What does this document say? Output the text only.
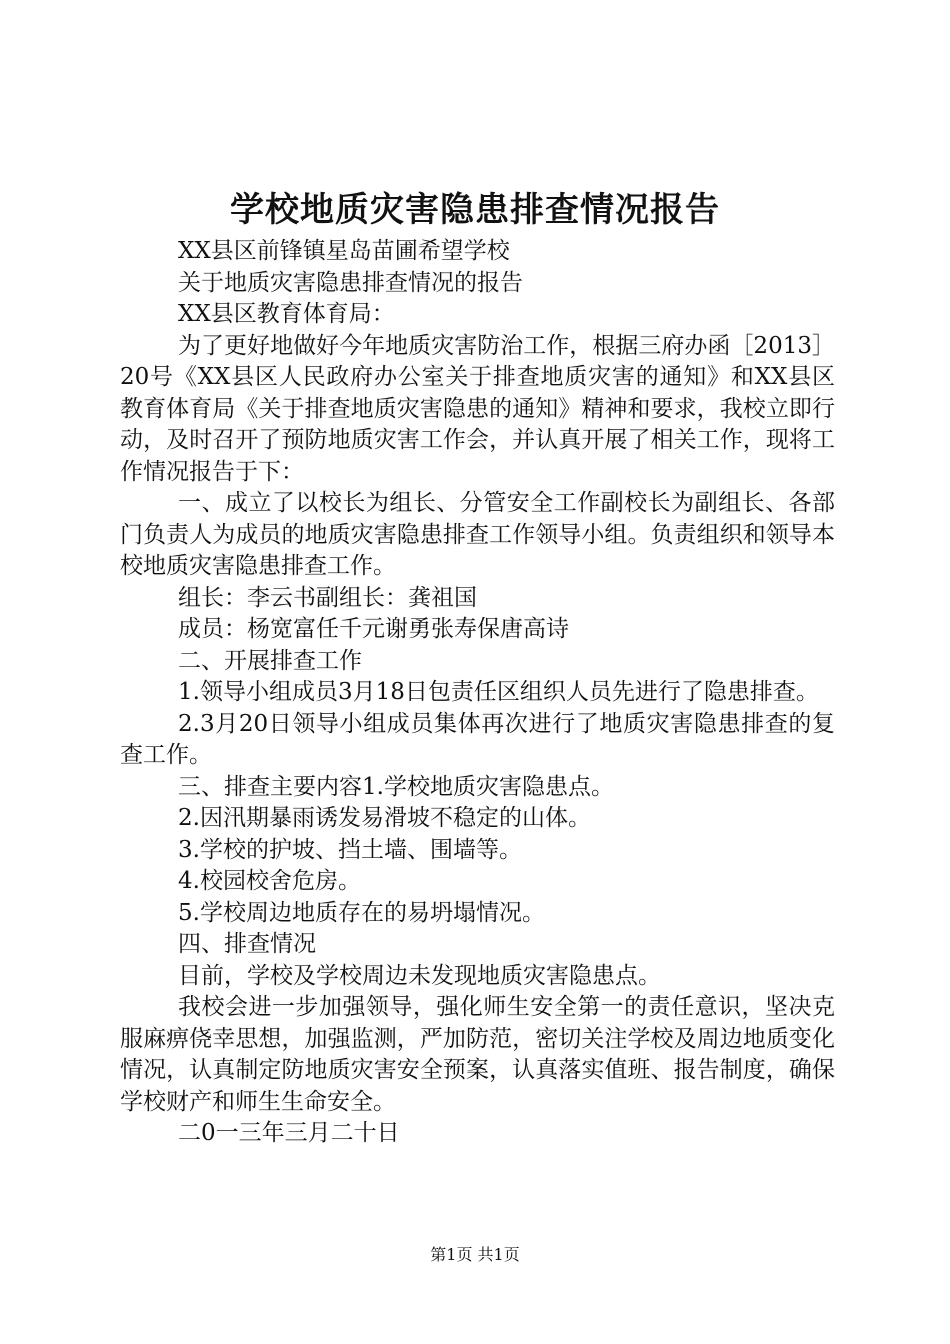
学校地质灾害隐患排查情况报告

XX县区前锋镇星岛苗圃希望学校

关于地质灾害隐患排查情况的报告

XX县区教育体育局：

为了更好地做好今年地质灾害防治工作，根据三府办函［2013］20号《XX县区人民政府办公室关于排查地质灾害的通知》和XX县区教育体育局《关于排查地质灾害隐患的通知》精神和要求，我校立即行动，及时召开了预防地质灾害工作会，并认真开展了相关工作，现将工作情况报告于下：

一、成立了以校长为组长、分管安全工作副校长为副组长、各部门负责人为成员的地质灾害隐患排查工作领导小组。负责组织和领导本校地质灾害隐患排查工作。

组长：李云书副组长：龚祖国

成员：杨宽富任千元谢勇张寿保唐高诗

二、开展排查工作

1.领导小组成员3月18日包责任区组织人员先进行了隐患排查。

2.3月20日领导小组成员集体再次进行了地质灾害隐患排查的复查工作。

三、排查主要内容1.学校地质灾害隐患点。

2.因汛期暴雨诱发易滑坡不稳定的山体。

3.学校的护坡、挡土墙、围墙等。

4.校园校舍危房。

5.学校周边地质存在的易坍塌情况。

四、排查情况

目前，学校及学校周边未发现地质灾害隐患点。

我校会进一步加强领导，强化师生安全第一的责任意识，坚决克服麻痹侥幸思想，加强监测，严加防范，密切关注学校及周边地质变化情况，认真制定防地质灾害安全预案，认真落实值班、报告制度，确保学校财产和师生生命安全。

二0一三年三月二十日

第1页 共1页
